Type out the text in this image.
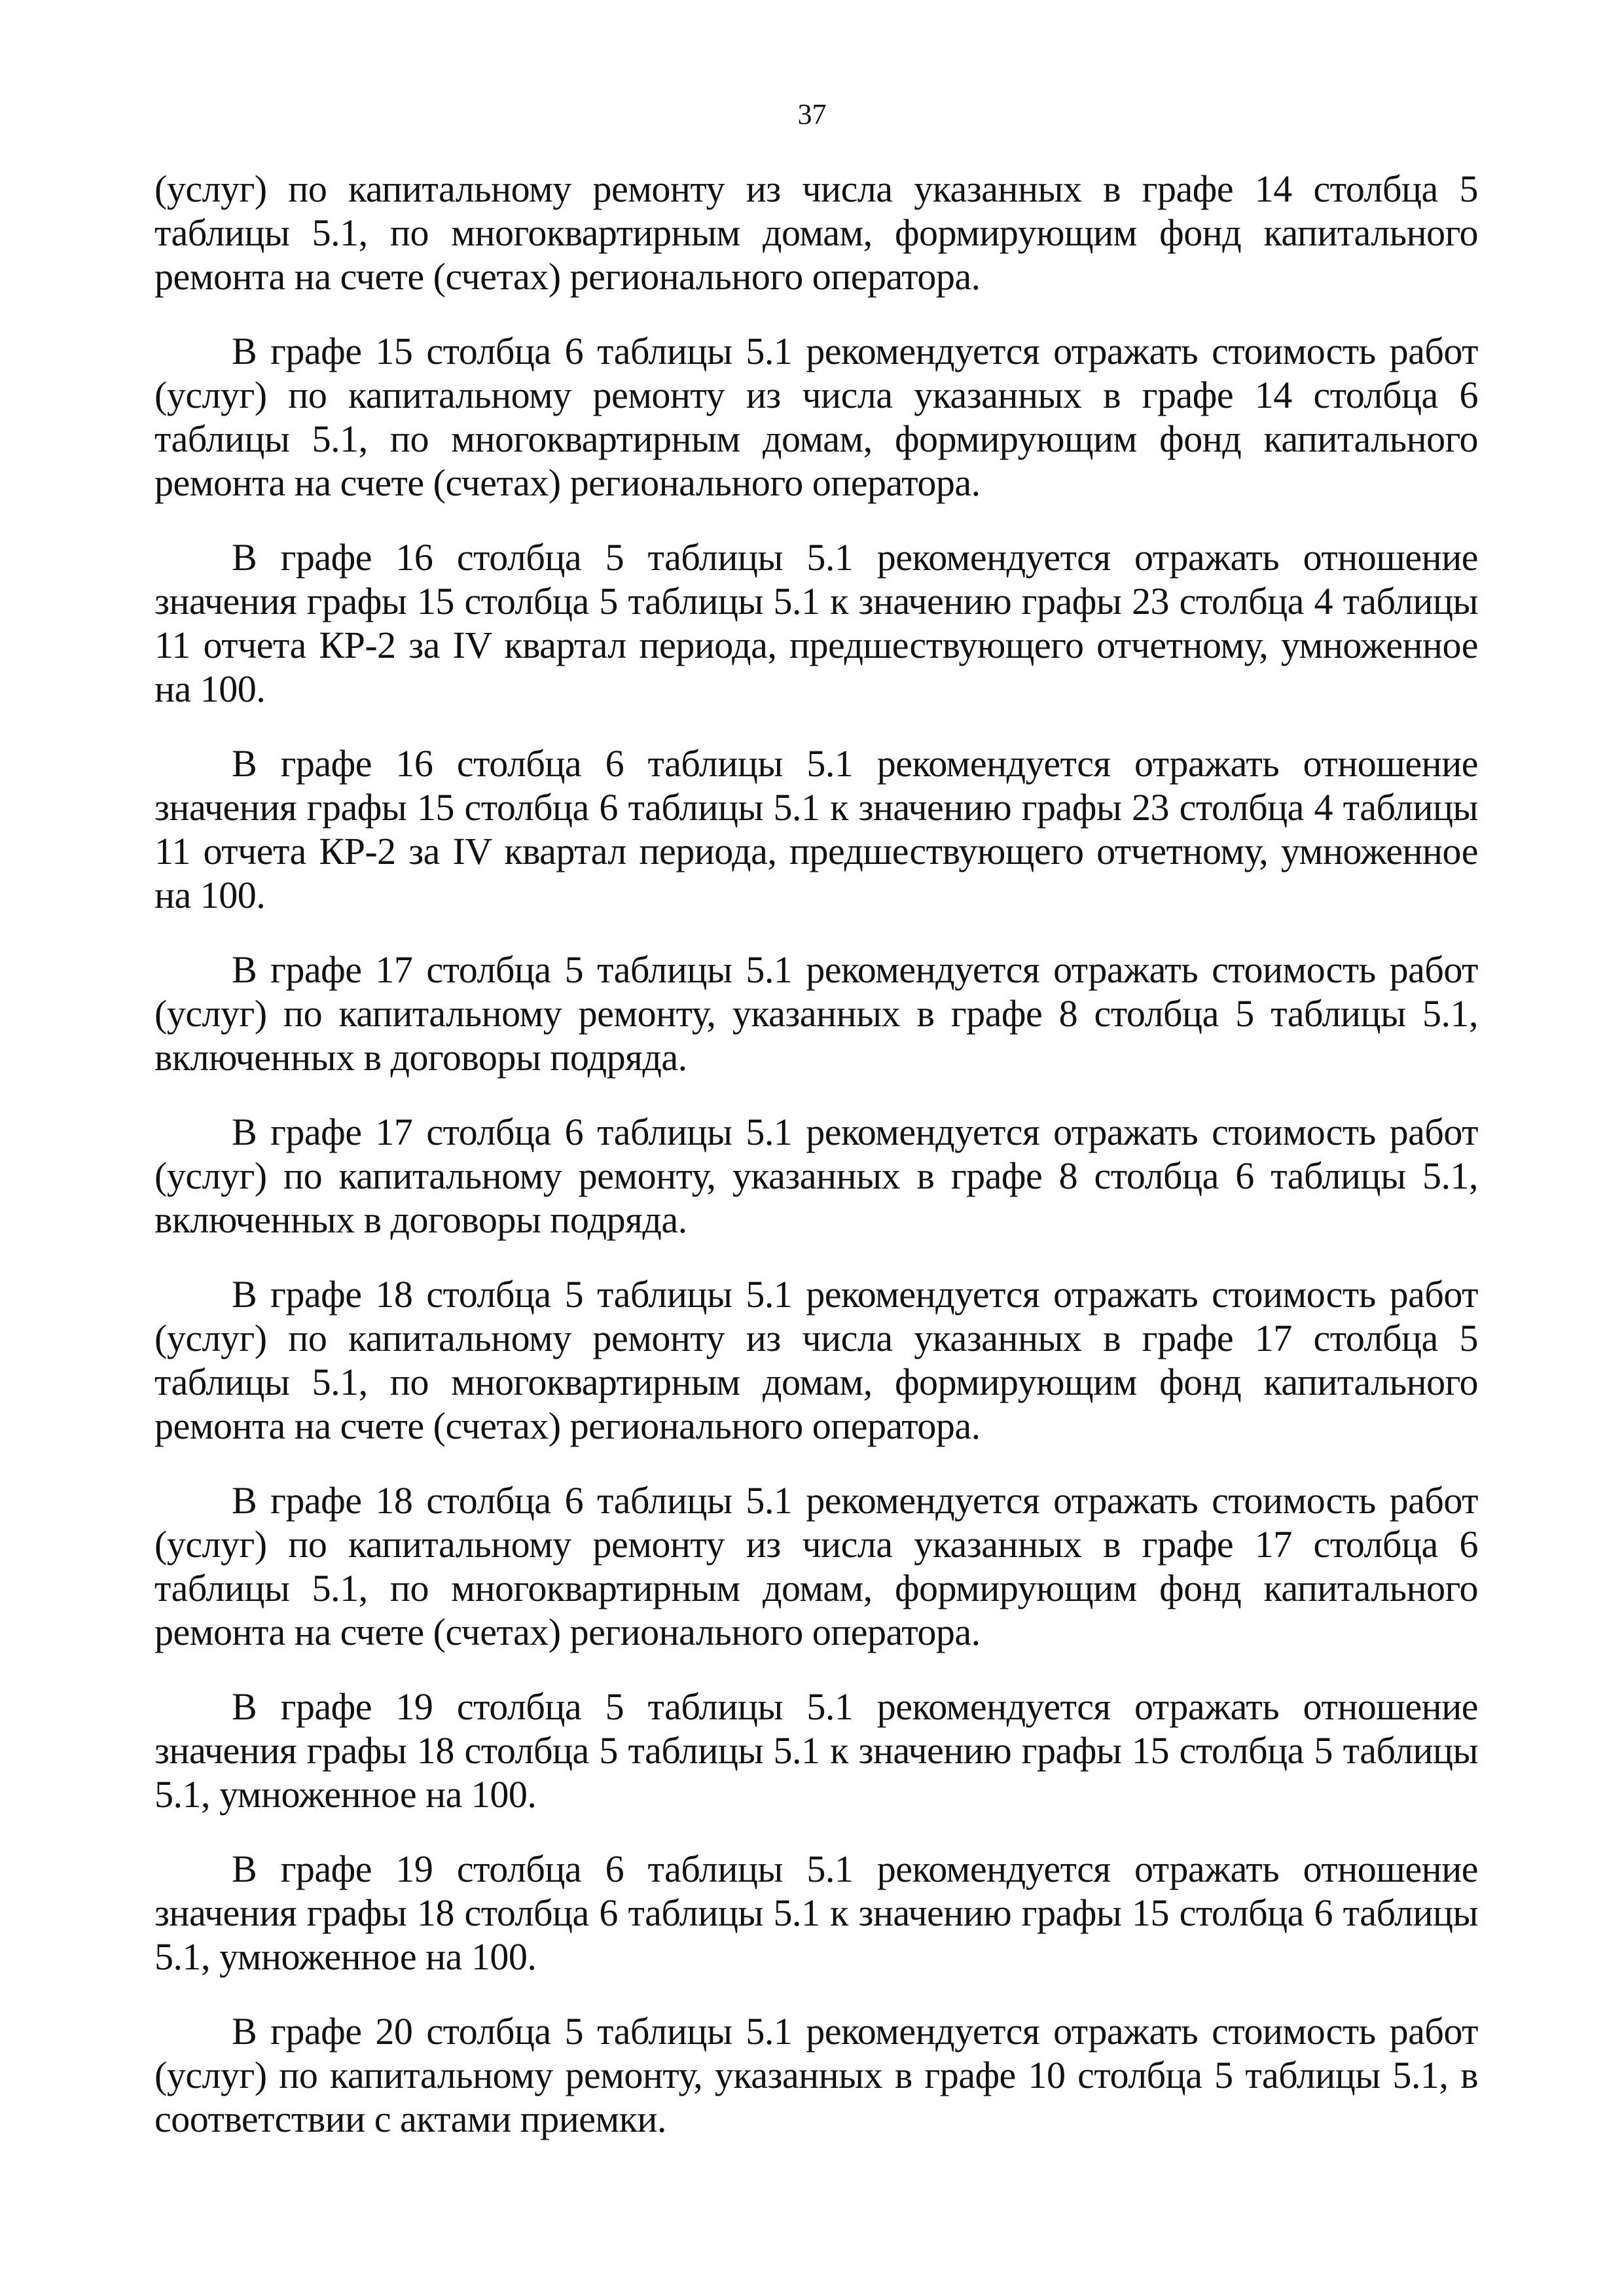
37

(услуг) по капитальному ремонту из числа указанных в графе 14 столбца 5 таблицы 5.1, по многоквартирным домам, формирующим фонд капитального ремонта на счете (счетах) регионального оператора.

В графе 15 столбца 6 таблицы 5.1 рекомендуется отражать стоимость работ (услуг) по капитальному ремонту из числа указанных в графе 14 столбца 6 таблицы 5.1, по многоквартирным домам, формирующим фонд капитального ремонта на счете (счетах) регионального оператора.

В графе 16 столбца 5 таблицы 5.1 рекомендуется отражать отношение значения графы 15 столбца 5 таблицы 5.1 к значению графы 23 столбца 4 таблицы 11 отчета КР-2 за IV квартал периода, предшествующего отчетному, умноженное на 100.

В графе 16 столбца 6 таблицы 5.1 рекомендуется отражать отношение значения графы 15 столбца 6 таблицы 5.1 к значению графы 23 столбца 4 таблицы 11 отчета КР-2 за IV квартал периода, предшествующего отчетному, умноженное на 100.

В графе 17 столбца 5 таблицы 5.1 рекомендуется отражать стоимость работ (услуг) по капитальному ремонту, указанных в графе 8 столбца 5 таблицы 5.1, включенных в договоры подряда.

В графе 17 столбца 6 таблицы 5.1 рекомендуется отражать стоимость работ (услуг) по капитальному ремонту, указанных в графе 8 столбца 6 таблицы 5.1, включенных в договоры подряда.

В графе 18 столбца 5 таблицы 5.1 рекомендуется отражать стоимость работ (услуг) по капитальному ремонту из числа указанных в графе 17 столбца 5 таблицы 5.1, по многоквартирным домам, формирующим фонд капитального ремонта на счете (счетах) регионального оператора.

В графе 18 столбца 6 таблицы 5.1 рекомендуется отражать стоимость работ (услуг) по капитальному ремонту из числа указанных в графе 17 столбца 6 таблицы 5.1, по многоквартирным домам, формирующим фонд капитального ремонта на счете (счетах) регионального оператора.

В графе 19 столбца 5 таблицы 5.1 рекомендуется отражать отношение значения графы 18 столбца 5 таблицы 5.1 к значению графы 15 столбца 5 таблицы 5.1, умноженное на 100.

В графе 19 столбца 6 таблицы 5.1 рекомендуется отражать отношение значения графы 18 столбца 6 таблицы 5.1 к значению графы 15 столбца 6 таблицы 5.1, умноженное на 100.

В графе 20 столбца 5 таблицы 5.1 рекомендуется отражать стоимость работ (услуг) по капитальному ремонту, указанных в графе 10 столбца 5 таблицы 5.1, в соответствии с актами приемки.
